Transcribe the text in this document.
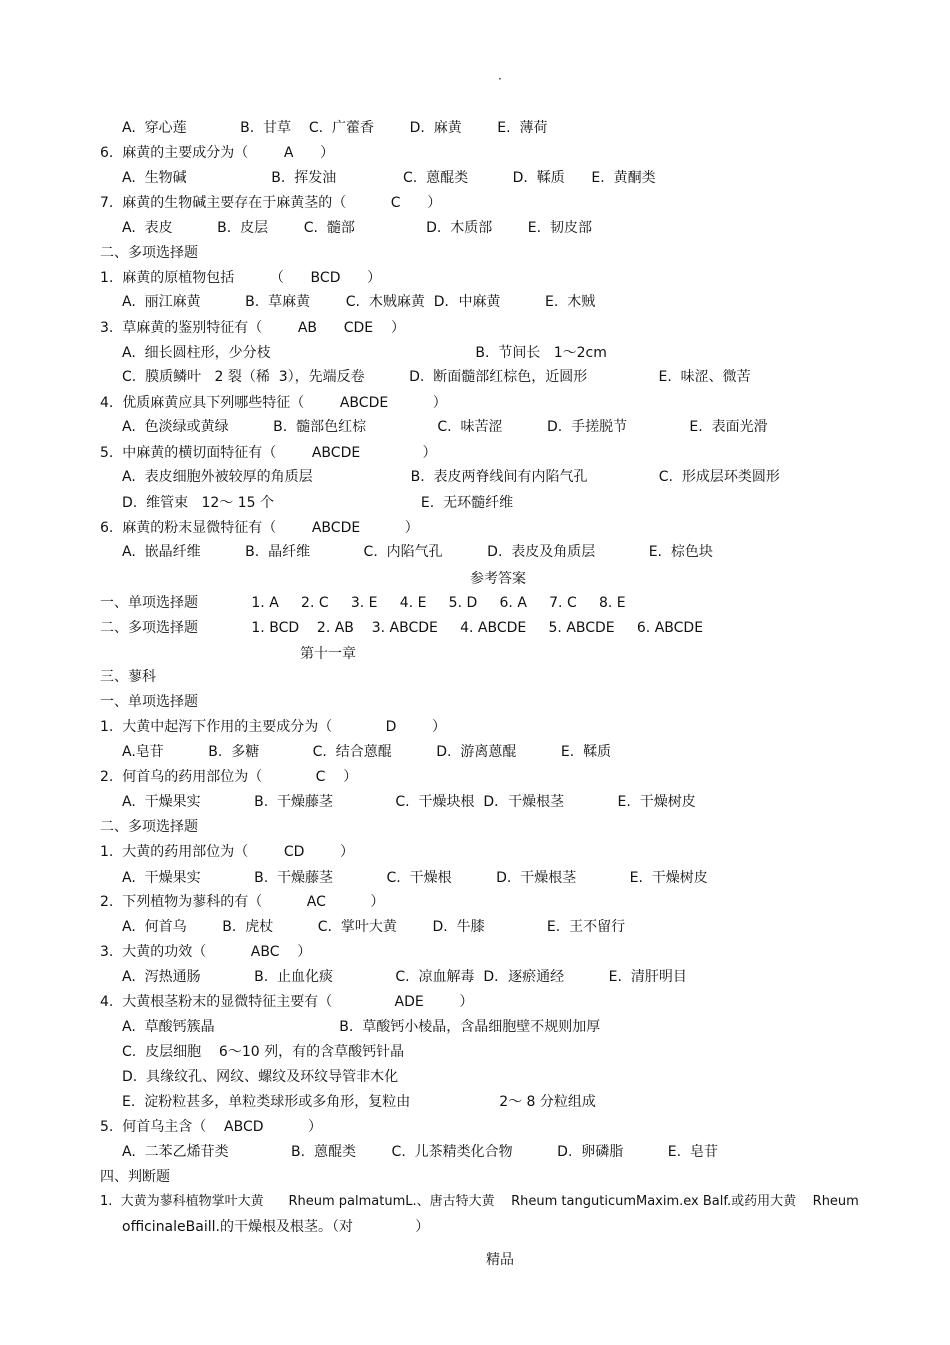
·
A.  穿心莲            B.  甘草    C.  广藿香        D.  麻黄        E.  薄荷
6.  麻黄的主要成分为（        A      ）
A.  生物碱                   B.  挥发油               C.  蒽醌类          D.  鞣质      E.  黄酮类
7.  麻黄的生物碱主要存在于麻黄茎的（          C      ）
A.  表皮          B.  皮层        C.  髓部                D.  木质部        E.  韧皮部
二、多项选择题
1.  麻黄的原植物包括        （      BCD      ）
A.  丽江麻黄          B.  草麻黄        C.  木贼麻黄  D．中麻黄          E.  木贼
3.  草麻黄的鉴别特征有（        AB      CDE    ）
A.  细长圆柱形，少分枝                                              B.  节间长   1～2cm
C.  膜质鳞叶   2 裂（稀  3），先端反卷          D.  断面髓部红棕色，近圆形                E.  味涩、微苦
4.  优质麻黄应具下列哪些特征（        ABCDE          ）
A.  色淡绿或黄绿          B.  髓部色红棕                C.  味苦涩          D.  手搓脱节              E.  表面光滑
5.  中麻黄的横切面特征有（        ABCDE              ）
A.  表皮细胞外被较厚的角质层                      B.  表皮两脊线间有内陷气孔                C.  形成层环类圆形
D.  维管束   12～ 15 个                                 E.  无环髓纤维
6.  麻黄的粉末显微特征有（        ABCDE          ）
A.  嵌晶纤维          B.  晶纤维            C.  内陷气孔          D.  表皮及角质层            E.  棕色块
参考答案
一、单项选择题            1. A     2. C     3. E     4. E     5. D     6. A     7. C     8. E
二、多项选择题            1. BCD    2. AB    3. ABCDE     4. ABCDE     5. ABCDE     6. ABCDE
第十一章
三、蓼科
一、单项选择题
1.  大黄中起泻下作用的主要成分为（            D        ）
A.皂苷          B.  多糖            C.  结合蒽醌          D.  游离蒽醌          E.  鞣质
2.  何首乌的药用部位为（            C    ）
A.  干燥果实            B.  干燥藤茎              C.  干燥块根  D．干燥根茎            E.  干燥树皮
二、多项选择题
1.  大黄的药用部位为（        CD        ）
A.  干燥果实            B.  干燥藤茎            C.  干燥根          D.  干燥根茎            E.  干燥树皮
2.  下列植物为蓼科的有（          AC          ）
A.  何首乌        B.  虎杖          C.  掌叶大黄        D.  牛膝              E.  王不留行
3.  大黄的功效（          ABC    ）
A.  泻热通肠            B.  止血化痰              C.  凉血解毒  D．逐瘀通经          E.  清肝明目
4.  大黄根茎粉末的显微特征主要有（              ADE        ）
A.  草酸钙簇晶                            B.  草酸钙小棱晶，含晶细胞壁不规则加厚
C.  皮层细胞    6～10 列，有的含草酸钙针晶
D.  具缘纹孔、网纹、螺纹及环纹导管非木化
E.  淀粉粒甚多，单粒类球形或多角形，复粒由                    2～ 8 分粒组成
5.  何首乌主含（    ABCD          ）
A.  二苯乙烯苷类              B.  蒽醌类        C.  儿茶精类化合物          D.  卵磷脂          E.  皂苷
四、判断题
1.  大黄为蓼科植物掌叶大黄      Rheum palmatumL.、唐古特大黄    Rheum tanguticumMaxim.ex Balf.或药用大黄    Rheum
officinaleBaill.的干燥根及根茎。（对              ）
精品
